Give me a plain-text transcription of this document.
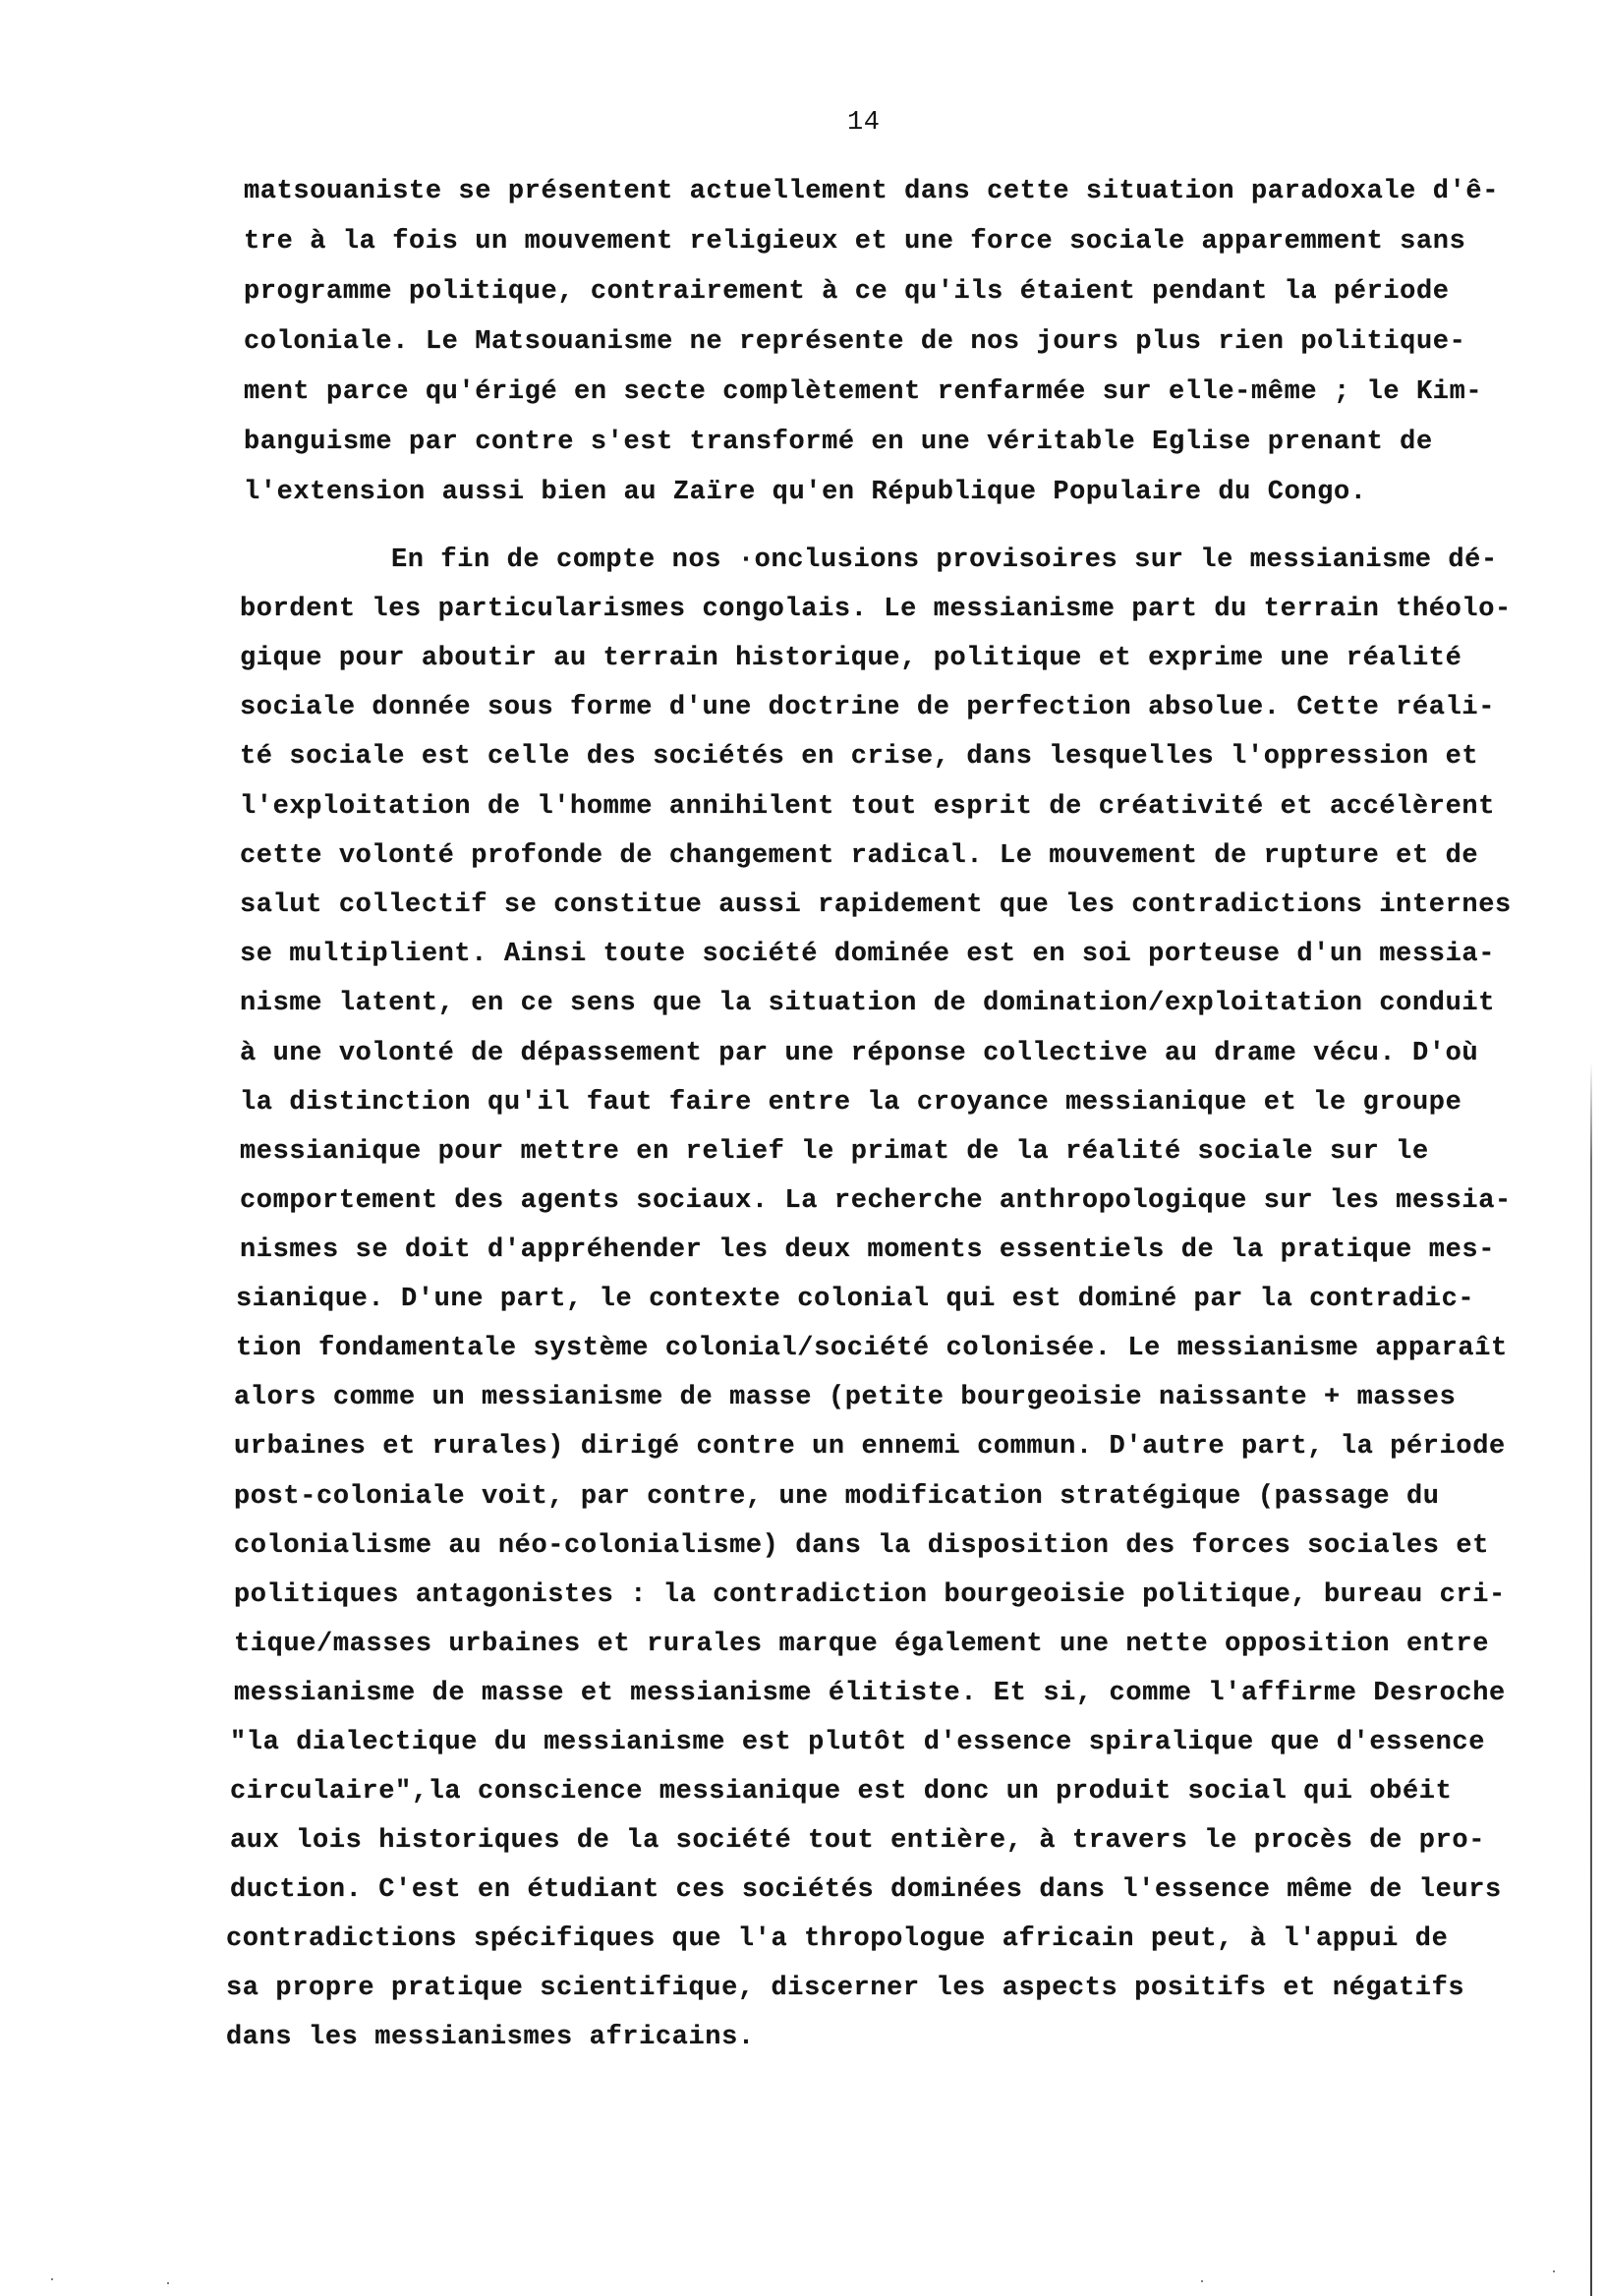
14
matsouaniste se présentent actuellement dans cette situation paradoxale d'ê-
tre à la fois un mouvement religieux et une force sociale apparemment sans
programme politique, contrairement à ce qu'ils étaient pendant la période
coloniale. Le Matsouanisme ne représente de nos jours plus rien politique-
ment parce qu'érigé en secte complètement renfarmée sur elle-même ; le Kim-
banguisme par contre s'est transformé en une véritable Eglise prenant de
l'extension aussi bien au Zaïre qu'en République Populaire du Congo.
En fin de compte nos ·onclusions provisoires sur le messianisme dé-
bordent les particularismes congolais. Le messianisme part du terrain théolo-
gique pour aboutir au terrain historique, politique et exprime une réalité
sociale donnée sous forme d'une doctrine de perfection absolue. Cette réali-
té sociale est celle des sociétés en crise, dans lesquelles l'oppression et
l'exploitation de l'homme annihilent tout esprit de créativité et accélèrent
cette volonté profonde de changement radical. Le mouvement de rupture et de
salut collectif se constitue aussi rapidement que les contradictions internes
se multiplient. Ainsi toute société dominée est en soi porteuse d'un messia-
nisme latent, en ce sens que la situation de domination/exploitation conduit
à une volonté de dépassement par une réponse collective au drame vécu. D'où
la distinction qu'il faut faire entre la croyance messianique et le groupe
messianique pour mettre en relief le primat de la réalité sociale sur le
comportement des agents sociaux. La recherche anthropologique sur les messia-
nismes se doit d'appréhender les deux moments essentiels de la pratique mes-
sianique. D'une part, le contexte colonial qui est dominé par la contradic-
tion fondamentale système colonial/société colonisée. Le messianisme apparaît
alors comme un messianisme de masse (petite bourgeoisie naissante + masses
urbaines et rurales) dirigé contre un ennemi commun. D'autre part, la période
post-coloniale voit, par contre, une modification stratégique (passage du
colonialisme au néo-colonialisme) dans la disposition des forces sociales et
politiques antagonistes : la contradiction bourgeoisie politique, bureau cri-
tique/masses urbaines et rurales marque également une nette opposition entre
messianisme de masse et messianisme élitiste. Et si, comme l'affirme Desroche
"la dialectique du messianisme est plutôt d'essence spiralique que d'essence
circulaire",la conscience messianique est donc un produit social qui obéit
aux lois historiques de la société tout entière, à travers le procès de pro-
duction. C'est en étudiant ces sociétés dominées dans l'essence même de leurs
contradictions spécifiques que l'a thropologue africain peut, à l'appui de
sa propre pratique scientifique, discerner les aspects positifs et négatifs
dans les messianismes africains.
